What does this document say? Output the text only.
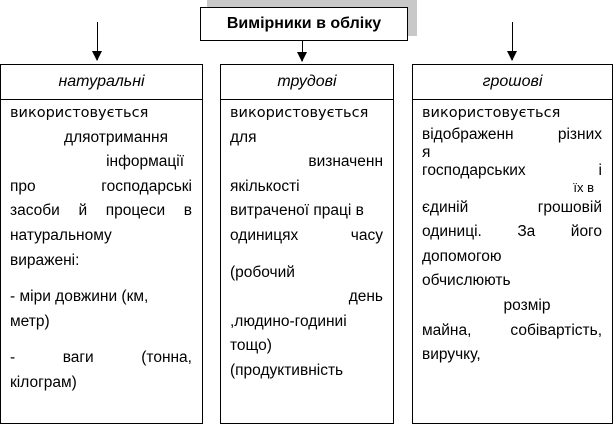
Вимірники в обліку
натуральні
використовується
дляотримання
інформації
про господарські
засоби й процеси в
натуральному
виражені:
- міри довжини (км,
метр)
- ваги (тонна,
кілограм)
трудові
використовується
для
визначенн
якількості
витраченої праці в
одиницях часу
(робочий
день
,людино-годиниі
тощо)
(продуктивність
грошові
використовується
відображенн різних
я
господарських і
їх в
єдиній грошовій
одиниці. За його
допомогою
обчислюють
розмір
майна, собівартість,
виручку,
